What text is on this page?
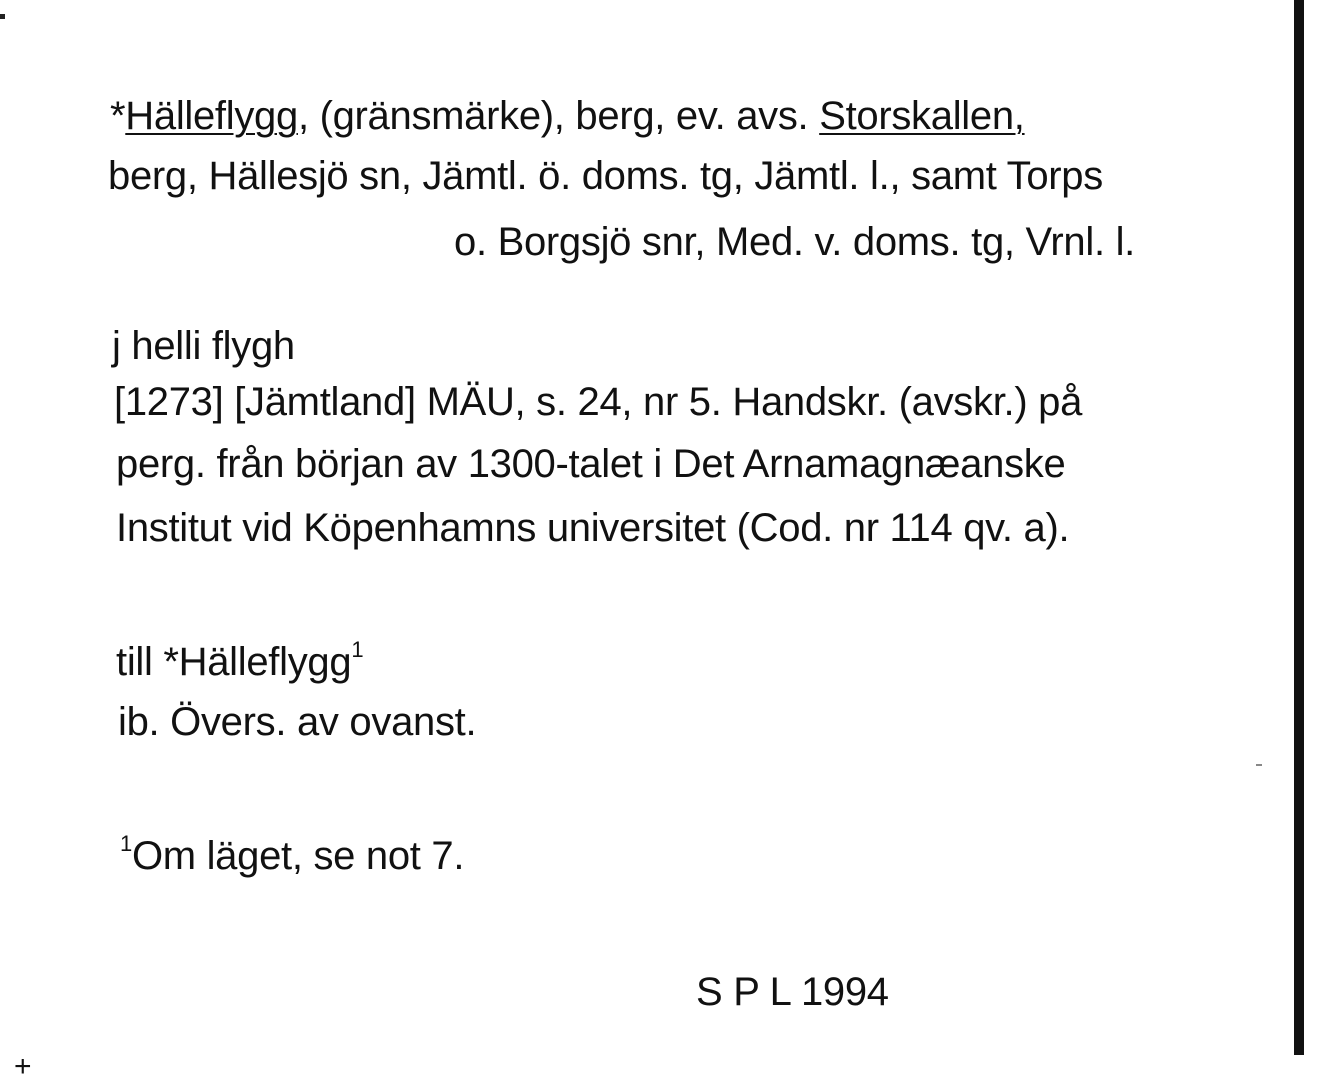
*Hälleflygg, (gränsmärke), berg, ev. avs. Storskallen,
berg, Hällesjö sn, Jämtl. ö. doms. tg, Jämtl. l., samt Torps
o. Borgsjö snr, Med. v. doms. tg, Vrnl. l.
j helli flygh
[1273] [Jämtland] MÄU, s. 24, nr 5. Handskr. (avskr.) på
perg. från början av 1300-talet i Det Arnamagnæanske
Institut vid Köpenhamns universitet (Cod. nr 114 qv. a).
till *Hälleflygg$^1$
ib. Övers. av ovanst.
$^1$Om läget, se not 7.
S P L 1994
+
